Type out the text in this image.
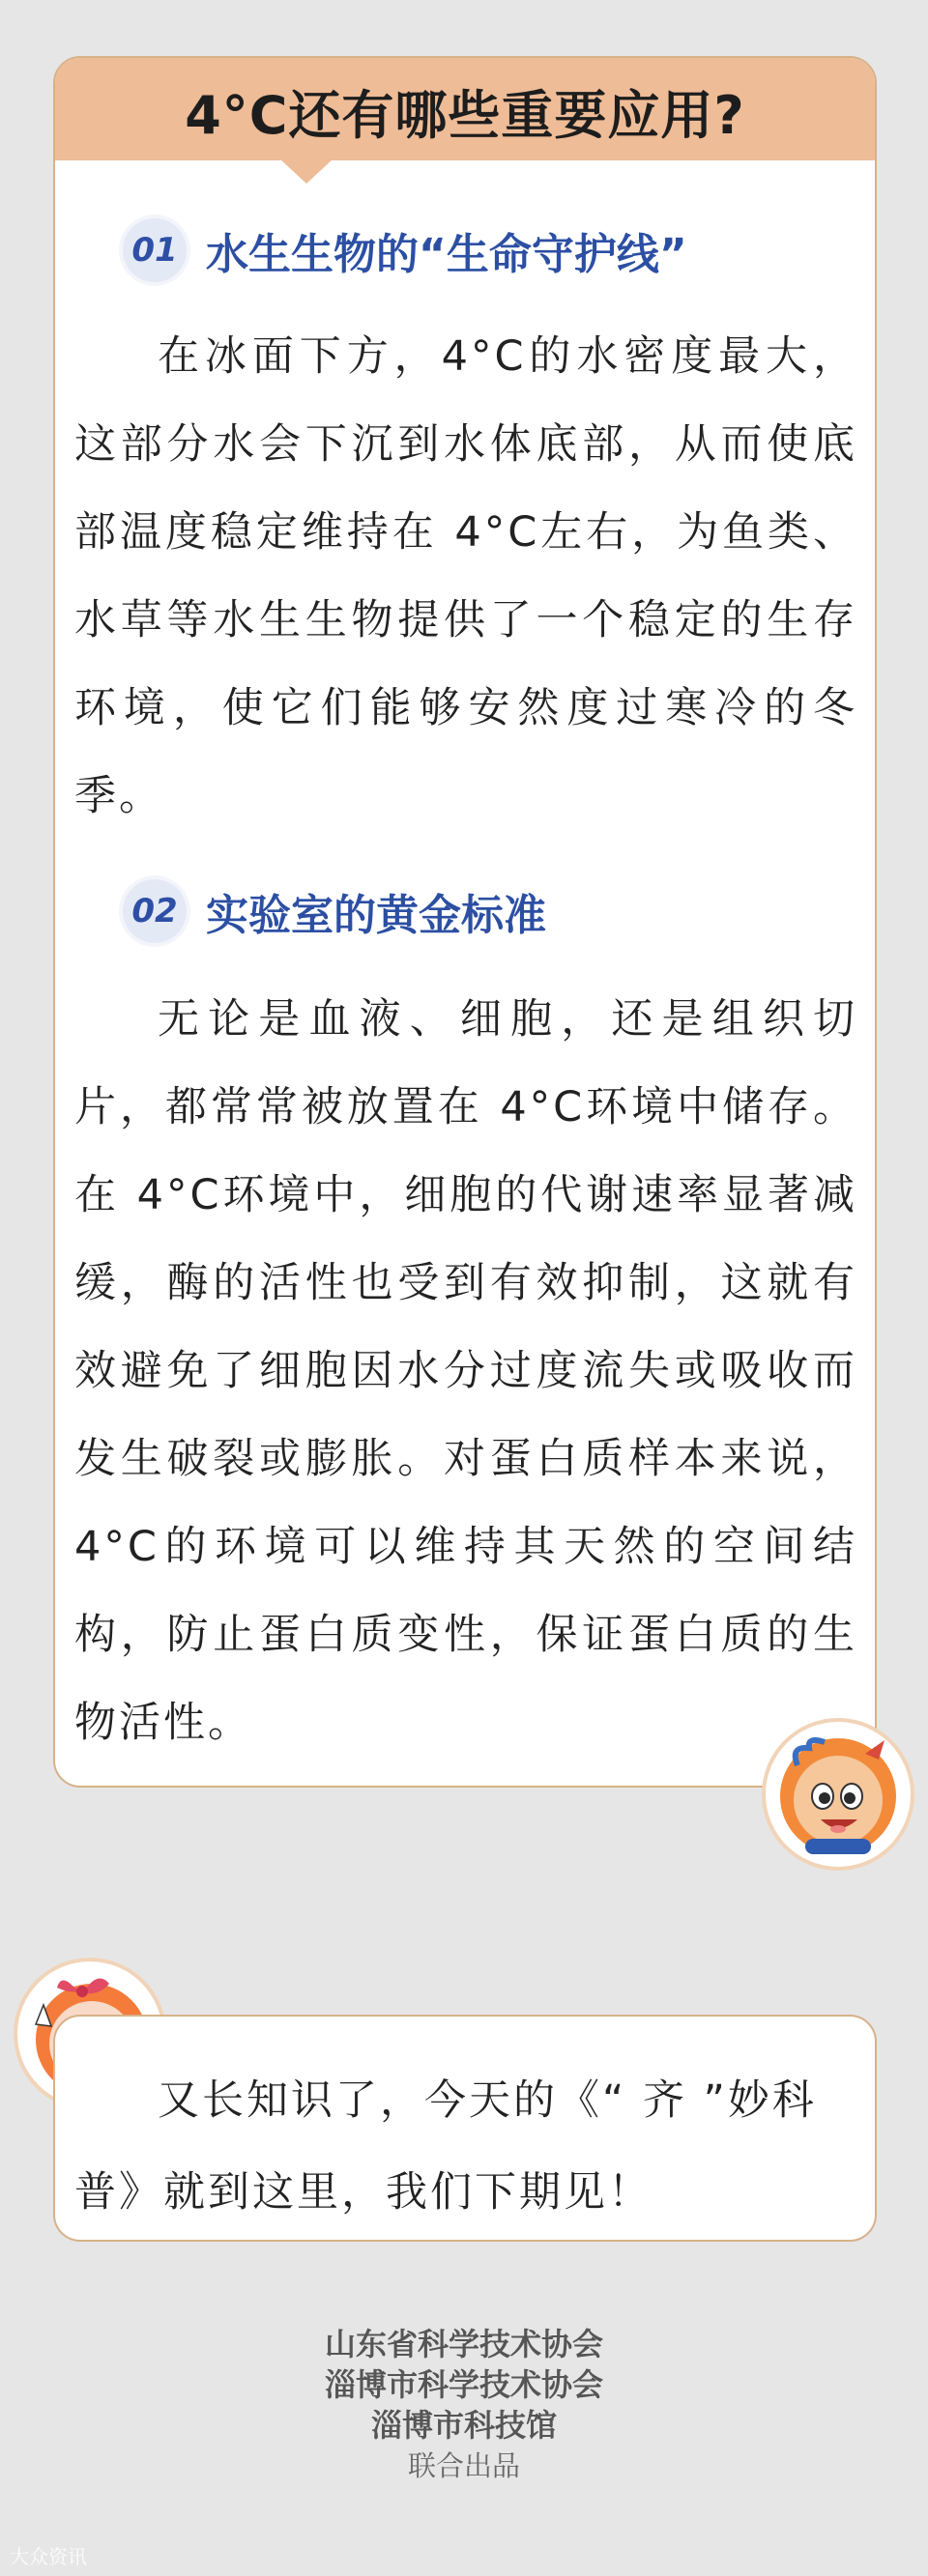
4°C还有哪些重要应用?
01 水生生物的“生命守护线”
在冰面下方，4°C的水密度最大，这部分水会下沉到水体底部，从而使底部温度稳定维持在 4°C左右，为鱼类、水草等水生生物提供了一个稳定的生存环境，使它们能够安然度过寒冷的冬季。
02 实验室的黄金标准
无论是血液、细胞，还是组织切片，都常常被放置在 4°C环境中储存。在 4°C环境中，细胞的代谢速率显著减缓，酶的活性也受到有效抑制，这就有效避免了细胞因水分过度流失或吸收而发生破裂或膨胀。对蛋白质样本来说，4°C的环境可以维持其天然的空间结构，防止蛋白质变性，保证蛋白质的生物活性。
又长知识了，今天的《“ 齐 ”妙科普》就到这里，我们下期见！
山东省科学技术协会
淄博市科学技术协会
淄博市科技馆
联合出品
大众资讯
